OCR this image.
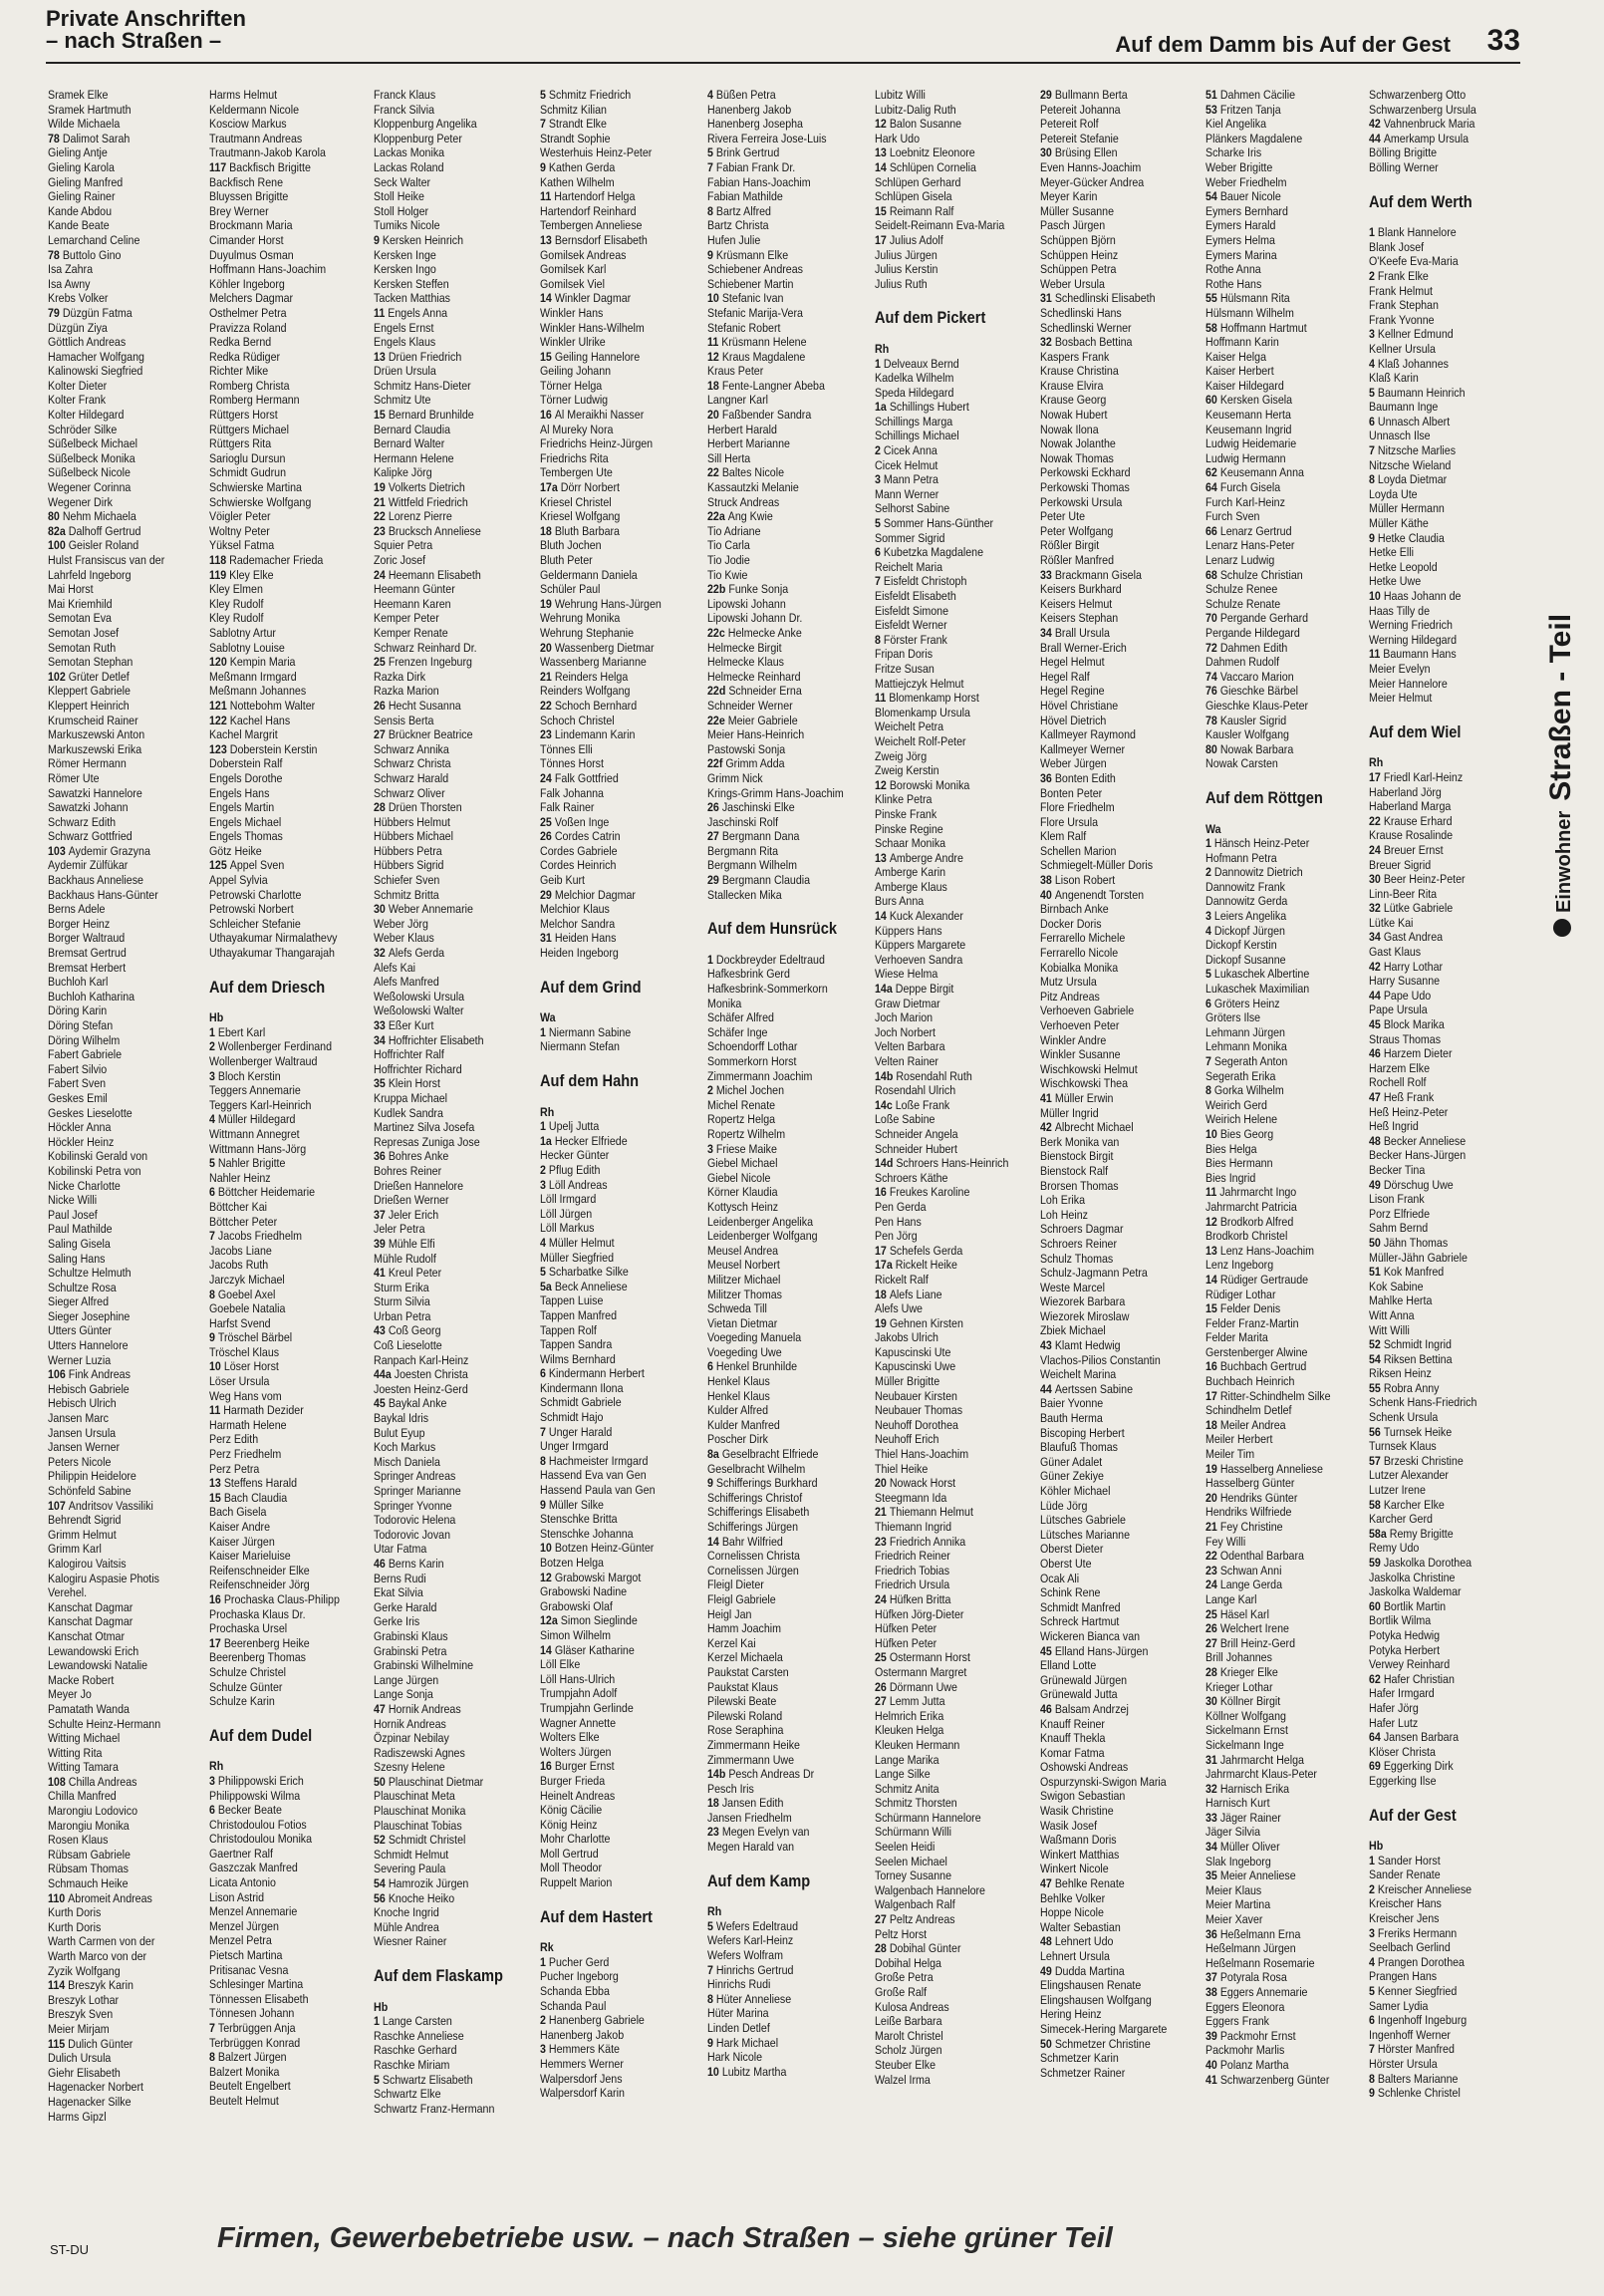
Private Anschriften
– nach Straßen –	Auf dem Damm bis Auf der Gest 33
Sramek Elke
Sramek Hartmuth
Wilde Michaela
78 Dalimot Sarah
Gieling Antje
Gieling Karola
Gieling Manfred
Gieling Rainer
Kande Abdou
Kande Beate
Lemarchand Celine
78 Buttolo Gino
Isa Zahra
Isa Awny
Krebs Volker
79 Düzgün Fatma
Düzgün Ziya
Göttlich Andreas
Hamacher Wolfgang
Kalinowski Siegfried
Kolter Dieter
Kolter Frank
Kolter Hildegard
Schröder Silke
Süßelbeck Michael
Süßelbeck Monika
Süßelbeck Nicole
Wegener Corinna
Wegener Dirk
80 Nehm Michaela
82a Dalhoff Gertrud
100 Geisler Roland
Hulst Fransiscus van der
Lahrfeld Ingeborg
Mai Horst
Mai Kriemhild
Semotan Eva
Semotan Josef
Semotan Ruth
Semotan Stephan
102 Grüter Detlef
Kleppert Gabriele
Kleppert Heinrich
Krumscheid Rainer
Markuszewski Anton
Markuszewski Erika
Römer Hermann
Römer Ute
Sawatzki Hannelore
Sawatzki Johann
Schwarz Edith
Schwarz Gottfried
103 Aydemir Grazyna
Aydemir Zülfükar
Backhaus Anneliese
Backhaus Hans-Günter
Berns Adele
Borger Heinz
Borger Waltraud
Bremsat Gertrud
Bremsat Herbert
Buchloh Karl
Buchloh Katharina
Döring Karin
Döring Stefan
Döring Wilhelm
Fabert Gabriele
Fabert Silvio
Fabert Sven
Geskes Emil
Geskes Lieselotte
Höckler Anna
Höckler Heinz
Kobilinski Gerald von
Kobilinski Petra von
Nicke Charlotte
Nicke Willi
Paul Josef
Paul Mathilde
Saling Gisela
Saling Hans
Schultze Helmuth
Schultze Rosa
Sieger Alfred
Sieger Josephine
Utters Günter
Utters Hannelore
Werner Luzia
106 Fink Andreas
Hebisch Gabriele
Hebisch Ulrich
Jansen Marc
Jansen Ursula
Jansen Werner
Peters Nicole
Philippin Heidelore
Schönfeld Sabine
107 Andritsov Vassiliki
Behrendt Sigrid
Grimm Helmut
Grimm Karl
Kalogirou Vaitsis
Kalogiru Aspasie Photis
Verehel.
Kanschat Dagmar
Kanschat Dagmar
Kanschat Otmar
Lewandowski Erich
Lewandowski Natalie
Macke Robert
Meyer Jo
Pamatath Wanda
Schulte Heinz-Hermann
Witting Michael
Witting Rita
Witting Tamara
108 Chilla Andreas
Chilla Manfred
Marongiu Lodovico
Marongiu Monika
Rosen Klaus
Rübsam Gabriele
Rübsam Thomas
Schmauch Heike
110 Abromeit Andreas
Kurth Doris
Kurth Doris
Warth Carmen von der
Warth Marco von der
Zyzik Wolfgang
114 Breszyk Karin
Breszyk Lothar
Breszyk Sven
Meier Mirjam
115 Dulich Günter
Dulich Ursula
Giehr Elisabeth
Hagenacker Norbert
Hagenacker Silke
Harms Gipzl
Harms Helmut
Keldermann Nicole
Kosciow Markus
Trautmann Andreas
Trautmann-Jakob Karola
117 Backfisch Brigitte
Backfisch Rene
Bluyssen Brigitte
Brey Werner
Brockmann Maria
Cimander Horst
Duyulmus Osman
Hoffmann Hans-Joachim
Köhler Ingeborg
Melchers Dagmar
Osthelmer Petra
Pravizza Roland
Redka Bernd
Redka Rüdiger
Richter Mike
Romberg Christa
Romberg Hermann
Rüttgers Horst
Rüttgers Michael
Rüttgers Rita
Sarioglu Dursun
Schmidt Gudrun
Schwierske Martina
Schwierske Wolfgang
Vöigler Peter
Woltny Peter
Yüksel Fatma
118 Rademacher Frieda
119 Kley Elke
Kley Elmen
Kley Rudolf
Kley Rudolf
Sablotny Artur
Sablotny Louise
120 Kempin Maria
Meßmann Irmgard
Meßmann Johannes
121 Nottebohm Walter
122 Kachel Hans
Kachel Margrit
123 Doberstein Kerstin
Doberstein Ralf
Engels Dorothe
Engels Hans
Engels Martin
Engels Michael
Engels Thomas
Götz Heike
125 Appel Sven
Appel Sylvia
Petrowski Charlotte
Petrowski Norbert
Schleicher Stefanie
Uthayakumar Nirmalathevy
Uthayakumar Thangarajah
Auf dem Driesch
Hb
1 Ebert Karl
2 Wollenberger Ferdinand
Wollenberger Waltraud
3 Bloch Kerstin
Teggers Annemarie
Teggers Karl-Heinrich
4 Müller Hildegard
Wittmann Annegret
Wittmann Hans-Jörg
5 Nahler Brigitte
Nahler Heinz
6 Böttcher Heidemarie
Böttcher Kai
Böttcher Peter
7 Jacobs Friedhelm
Jacobs Liane
Jacobs Ruth
Jarczyk Michael
8 Goebel Axel
Goebele Natalia
Harfst Svend
9 Tröschel Bärbel
Tröschel Klaus
10 Löser Horst
Löser Ursula
Weg Hans vom
11 Harmath Dezider
Harmath Helene
Perz Edith
Perz Friedhelm
Perz Petra
13 Steffens Harald
15 Bach Claudia
Bach Gisela
Kaiser Andre
Kaiser Jürgen
Kaiser Marieluise
Reifenschneider Elke
Reifenschneider Jörg
16 Prochaska Claus-Philipp
Prochaska Klaus Dr.
Prochaska Ursel
17 Beerenberg Heike
Beerenberg Thomas
Schulze Christel
Schulze Günter
Schulze Karin
Auf dem Dudel
Rh
3 Philippowski Erich
Philippowski Wilma
6 Becker Beate
Christodoulou Fotios
Christodoulou Monika
Gaertner Ralf
Gaszczak Manfred
Licata Antonio
Lison Astrid
Menzel Annemarie
Menzel Jürgen
Menzel Petra
Pietsch Martina
Pritisanac Vesna
Schlesinger Martina
Tönnessen Elisabeth
Tönnesen Johann
7 Terbrüggen Anja
Terbrüggen Konrad
8 Balzert Jürgen
Balzert Monika
Beutelt Engelbert
Beutelt Helmut
Franck Klaus
Franck Silvia
Kloppenburg Angelika
Kloppenburg Peter
Lackas Monika
Lackas Roland
Seck Walter
Stoll Heike
Stoll Holger
Tumiks Nicole
9 Kersken Heinrich
Kersken Inge
Kersken Ingo
Kersken Steffen
Tacken Matthias
11 Engels Anna
Engels Ernst
Engels Klaus
13 Drüen Friedrich
Drüen Ursula
Schmitz Hans-Dieter
Schmitz Ute
15 Bernard Brunhilde
Bernard Claudia
Bernard Walter
Hermann Helene
Kalipke Jörg
19 Volkerts Dietrich
21 Wittfeld Friedrich
22 Lorenz Pierre
23 Brucksch Anneliese
Squier Petra
Zoric Josef
24 Heemann Elisabeth
Heemann Günter
Heemann Karen
Kemper Peter
Kemper Renate
Schwarz Reinhard Dr.
25 Frenzen Ingeburg
Razka Dirk
Razka Marion
26 Hecht Susanna
Sensis Berta
27 Brückner Beatrice
Schwarz Annika
Schwarz Christa
Schwarz Harald
Schwarz Oliver
28 Drüen Thorsten
Hübbers Helmut
Hübbers Michael
Hübbers Petra
Hübbers Sigrid
Schiefer Sven
Schmitz Britta
30 Weber Annemarie
Weber Jörg
Weber Klaus
32 Alefs Gerda
Alefs Kai
Alefs Manfred
Weßolowski Ursula
Weßolowski Walter
33 Eßer Kurt
34 Hoffrichter Elisabeth
Hoffrichter Ralf
Hoffrichter Richard
35 Klein Horst
Kruppa Michael
Kudlek Sandra
Martinez Silva Josefa
Represas Zuniga Jose
36 Bohres Anke
Bohres Reiner
Drießen Hannelore
Drießen Werner
37 Jeler Erich
Jeler Petra
39 Mühle Elfi
Mühle Rudolf
41 Kreul Peter
Sturm Erika
Sturm Silvia
Urban Petra
43 Coß Georg
Coß Lieselotte
Ranpach Karl-Heinz
44a Joesten Christa
Joesten Heinz-Gerd
45 Baykal Anke
Baykal Idris
Bulut Eyup
Koch Markus
Misch Daniela
Springer Andreas
Springer Marianne
Springer Yvonne
Todorovic Helena
Todorovic Jovan
Utar Fatma
46 Berns Karin
Berns Rudi
Ekat Silvia
Gerke Harald
Gerke Iris
Grabinski Klaus
Grabinski Petra
Grabinski Wilhelmine
Lange Jürgen
Lange Sonja
47 Hornik Andreas
Hornik Andreas
Özpinar Nebilay
Radiszewski Agnes
Szesny Helene
50 Plauschinat Dietmar
Plauschinat Meta
Plauschinat Monika
Plauschinat Tobias
52 Schmidt Christel
Schmidt Helmut
Severing Paula
54 Hamrozik Jürgen
56 Knoche Heiko
Knoche Ingrid
Mühle Andrea
Wiesner Rainer
Auf dem Flaskamp
Hb
1 Lange Carsten
Raschke Anneliese
Raschke Gerhard
Raschke Miriam
5 Schwartz Elisabeth
Schwartz Elke
Schwartz Franz-Hermann
5 Schmitz Friedrich
Schmitz Kilian
7 Strandt Elke
Strandt Sophie
Westerhuis Heinz-Peter
9 Kathen Gerda
Kathen Wilhelm
11 Hartendorf Helga
Hartendorf Reinhard
Tembergen Anneliese
13 Bernsdorf Elisabeth
Gomilsek Andreas
Gomilsek Karl
Gomilsek Viel
14 Winkler Dagmar
Winkler Hans
Winkler Hans-Wilhelm
Winkler Ulrike
15 Geiling Hannelore
Geiling Johann
Törner Helga
Törner Ludwig
16 Al Meraikhi Nasser
Al Mureky Nora
Friedrichs Heinz-Jürgen
Friedrichs Rita
Tembergen Ute
17a Dörr Norbert
Kriesel Christel
Kriesel Wolfgang
18 Bluth Barbara
Bluth Jochen
Bluth Peter
Geldermann Daniela
Schüler Paul
19 Wehrung Hans-Jürgen
Wehrung Monika
Wehrung Stephanie
20 Wassenberg Dietmar
Wassenberg Marianne
21 Reinders Helga
Reinders Wolfgang
22 Schoch Bernhard
Schoch Christel
23 Lindemann Karin
Tönnes Elli
Tönnes Horst
24 Falk Gottfried
Falk Johanna
Falk Rainer
25 Voßen Inge
26 Cordes Catrin
Cordes Gabriele
Cordes Heinrich
Geib Kurt
29 Melchior Dagmar
Melchior Klaus
Melchor Sandra
31 Heiden Hans
Heiden Ingeborg
Auf dem Grind
Wa
1 Niermann Sabine
Niermann Stefan
Auf dem Hahn
Rh
1 Upelj Jutta
1a Hecker Elfriede
Hecker Günter
2 Pflug Edith
3 Löll Andreas
Löll Irmgard
Löll Jürgen
Löll Markus
4 Müller Helmut
Müller Siegfried
5 Scharbatke Silke
5a Beck Anneliese
Tappen Luise
Tappen Manfred
Tappen Rolf
Tappen Sandra
Wilms Bernhard
6 Kindermann Herbert
Kindermann Ilona
Schmidt Gabriele
Schmidt Hajo
7 Unger Harald
Unger Irmgard
8 Hachmeister Irmgard
Hassend Eva van Gen
Hassend Paula van Gen
9 Müller Silke
Stenschke Britta
Stenschke Johanna
10 Botzen Heinz-Günter
Botzen Helga
12 Grabowski Margot
Grabowski Nadine
Grabowski Olaf
12a Simon Sieglinde
Simon Wilhelm
14 Gläser Katharine
Löll Elke
Löll Hans-Ulrich
Trumpjahn Adolf
Trumpjahn Gerlinde
Wagner Annette
Wolters Elke
Wolters Jürgen
16 Burger Ernst
Burger Frieda
Heinelt Andreas
König Cäcilie
König Heinz
Mohr Charlotte
Moll Gertrud
Moll Theodor
Ruppelt Marion
Auf dem Hastert
Rk
1 Pucher Gerd
Pucher Ingeborg
Schanda Ebba
Schanda Paul
2 Hanenberg Gabriele
Hanenberg Jakob
3 Hemmers Käte
Hemmers Werner
Walpersdorf Jens
Walpersdorf Karin
4 Büßen Petra
Hanenberg Jakob
Hanenberg Josepha
Rivera Ferreira Jose-Luis
5 Brink Gertrud
7 Fabian Frank Dr.
Fabian Hans-Joachim
Fabian Mathilde
8 Bartz Alfred
Bartz Christa
Hufen Julie
9 Krüsmann Elke
Schiebener Andreas
Schiebener Martin
10 Stefanic Ivan
Stefanic Marija-Vera
Stefanic Robert
11 Krüsmann Helene
12 Kraus Magdalene
Kraus Peter
18 Fente-Langner Abeba
Langner Karl
20 Faßbender Sandra
Herbert Harald
Herbert Marianne
Sill Herta
22 Baltes Nicole
Kassautzki Melanie
Struck Andreas
22a Ang Kwie
Tio Adriane
Tio Carla
Tio Jodie
Tio Kwie
22b Funke Sonja
Lipowski Johann
Lipowski Johann Dr.
22c Helmecke Anke
Helmecke Birgit
Helmecke Klaus
Helmecke Reinhard
22d Schneider Erna
Schneider Werner
22e Meier Gabriele
Meier Hans-Heinrich
Pastowski Sonja
22f Grimm Adda
Grimm Nick
Krings-Grimm Hans-Joachim
26 Jaschinski Elke
Jaschinski Rolf
27 Bergmann Dana
Bergmann Rita
Bergmann Wilhelm
29 Bergmann Claudia
Stallecken Mika
Auf dem Hunsrück
1 Dockbreyder Edeltraud
Hafkesbrink Gerd
Hafkesbrink-Sommerkorn
Monika
Schäfer Alfred
Schäfer Inge
Schoendorff Lothar
Sommerkorn Horst
Zimmermann Joachim
2 Michel Jochen
Michel Renate
Ropertz Helga
Ropertz Wilhelm
3 Friese Maike
Giebel Michael
Giebel Nicole
Körner Klaudia
Kottysch Heinz
Leidenberger Angelika
Leidenberger Wolfgang
Meusel Andrea
Meusel Norbert
Militzer Michael
Militzer Thomas
Schweda Till
Vietan Dietmar
Voegeding Manuela
Voegeding Uwe
6 Henkel Brunhilde
Henkel Klaus
Henkel Klaus
Kulder Alfred
Kulder Manfred
Poscher Dirk
8a Geselbracht Elfriede
Geselbracht Wilhelm
9 Schifferings Burkhard
Schifferings Christof
Schifferings Elisabeth
Schifferings Jürgen
14 Bahr Wilfried
Cornelissen Christa
Cornelissen Jürgen
Fleigl Dieter
Fleigl Gabriele
Heigl Jan
Hamm Joachim
Kerzel Kai
Kerzel Michaela
Paukstat Carsten
Paukstat Klaus
Pilewski Beate
Pilewski Roland
Rose Seraphina
Zimmermann Heike
Zimmermann Uwe
14b Pesch Andreas Dr
Pesch Iris
18 Jansen Edith
Jansen Friedhelm
23 Megen Evelyn van
Megen Harald van
Auf dem Kamp
Rh
5 Wefers Edeltraud
Wefers Karl-Heinz
Wefers Wolfram
7 Hinrichs Gertrud
Hinrichs Rudi
8 Hüter Anneliese
Hüter Marina
Linden Detlef
9 Hark Michael
Hark Nicole
10 Lubitz Martha
Lubitz Willi
Lubitz-Dalig Ruth
12 Balon Susanne
Hark Udo
13 Loebnitz Eleonore
14 Schlüpen Cornelia
Schlüpen Gerhard
Schlüpen Gisela
15 Reimann Ralf
Seidelt-Reimann Eva-Maria
17 Julius Adolf
Julius Jürgen
Julius Kerstin
Julius Ruth
Auf dem Pickert
Rh
1 Delveaux Bernd
Kadelka Wilhelm
Speda Hildegard
1a Schillings Hubert
Schillings Marga
Schillings Michael
2 Cicek Anna
Cicek Helmut
3 Mann Petra
Mann Werner
Selhorst Sabine
5 Sommer Hans-Günther
Sommer Sigrid
6 Kubetzka Magdalene
Reichelt Maria
7 Eisfeldt Christoph
Eisfeldt Elisabeth
Eisfeldt Simone
Eisfeldt Werner
8 Förster Frank
Fripan Doris
Fritze Susan
Mattiejczyk Helmut
11 Blomenkamp Horst
Blomenkamp Ursula
Weichelt Petra
Weichelt Rolf-Peter
Zweig Jörg
Zweig Kerstin
12 Borowski Monika
Klinke Petra
Pinske Frank
Pinske Regine
Schaar Monika
13 Amberge Andre
Amberge Karin
Amberge Klaus
Burs Anna
14 Kuck Alexander
Küppers Hans
Küppers Margarete
Verhoeven Sandra
Wiese Helma
14a Deppe Birgit
Graw Dietmar
Joch Marion
Joch Norbert
Velten Barbara
Velten Rainer
14b Rosendahl Ruth
Rosendahl Ulrich
14c Loße Frank
Loße Sabine
Schneider Angela
Schneider Hubert
14d Schroers Hans-Heinrich
Schroers Käthe
16 Freukes Karoline
Pen Gerda
Pen Hans
Pen Jörg
17 Schefels Gerda
17a Rickelt Heike
Rickelt Ralf
18 Alefs Liane
Alefs Uwe
19 Gehnen Kirsten
Jakobs Ulrich
Kapuscinski Ute
Kapuscinski Uwe
Müller Brigitte
Neubauer Kirsten
Neubauer Thomas
Neuhoff Dorothea
Neuhoff Erich
Thiel Hans-Joachim
Thiel Heike
20 Nowack Horst
Steegmann Ida
21 Thiemann Helmut
Thiemann Ingrid
23 Friedrich Annika
Friedrich Reiner
Friedrich Tobias
Friedrich Ursula
24 Hüfken Britta
Hüfken Jörg-Dieter
Hüfken Peter
Hüfken Peter
25 Ostermann Horst
Ostermann Margret
26 Dörmann Uwe
27 Lemm Jutta
Helmrich Erika
Kleuken Helga
Kleuken Hermann
Lange Marika
Lange Silke
Schmitz Anita
Schmitz Thorsten
Schürmann Hannelore
Schürmann Willi
Seelen Heidi
Seelen Michael
Torney Susanne
Walgenbach Hannelore
Walgenbach Ralf
27 Peltz Andreas
Peltz Horst
28 Dobihal Günter
Dobihal Helga
Große Petra
Große Ralf
Kulosa Andreas
Leiße Barbara
Marolt Christel
Scholz Jürgen
Steuber Elke
Walzel Irma
29 Bullmann Berta
Petereit Johanna
Petereit Rolf
Petereit Stefanie
30 Brüsing Ellen
Even Hanns-Joachim
Meyer-Gücker Andrea
Meyer Karin
Müller Susanne
Pasch Jürgen
Schüppen Björn
Schüppen Heinz
Schüppen Petra
Weber Ursula
31 Schedlinski Elisabeth
Schedlinski Hans
Schedlinski Werner
32 Bosbach Bettina
Kaspers Frank
Krause Christina
Krause Elvira
Krause Georg
Nowak Hubert
Nowak Ilona
Nowak Jolanthe
Nowak Thomas
Perkowski Eckhard
Perkowski Thomas
Perkowski Ursula
Peter Ute
Peter Wolfgang
Rößler Birgit
Rößler Manfred
33 Brackmann Gisela
Keisers Burkhard
Keisers Helmut
Keisers Stephan
34 Brall Ursula
Brall Werner-Erich
Hegel Helmut
Hegel Ralf
Hegel Regine
Hövel Christiane
Hövel Dietrich
Kallmeyer Raymond
Kallmeyer Werner
Weber Jürgen
36 Bonten Edith
Bonten Peter
Flore Friedhelm
Flore Ursula
Klem Ralf
Schellen Marion
Schmiegelt-Müller Doris
38 Lison Robert
40 Angenendt Torsten
Birnbach Anke
Docker Doris
Ferrarello Michele
Ferrarello Nicole
Kobialka Monika
Mutz Ursula
Pitz Andreas
Verhoeven Gabriele
Verhoeven Peter
Winkler Andre
Winkler Susanne
Wischkowski Helmut
Wischkowski Thea
41 Müller Erwin
Müller Ingrid
42 Albrecht Michael
Berk Monika van
Bienstock Birgit
Bienstock Ralf
Brorsen Thomas
Loh Erika
Loh Heinz
Schroers Dagmar
Schroers Reiner
Schulz Thomas
Schulz-Jagmann Petra
Weste Marcel
Wiezorek Barbara
Wiezorek Miroslaw
Zbiek Michael
43 Klamt Hedwig
Vlachos-Pilios Constantin
Weichelt Marina
44 Aertssen Sabine
Baier Yvonne
Bauth Herma
Biscoping Herbert
Blaufuß Thomas
Güner Adalet
Güner Zekiye
Köhler Michael
Lüde Jörg
Lütsches Gabriele
Lütsches Marianne
Oberst Dieter
Oberst Ute
Ocak Ali
Schink Rene
Schmidt Manfred
Schreck Hartmut
Wickeren Bianca van
45 Elland Hans-Jürgen
Elland Lotte
Grünewald Jürgen
Grünewald Jutta
46 Balsam Andrzej
Knauff Reiner
Knauff Thekla
Komar Fatma
Oshowski Andreas
Ospurzynski-Swigon Maria
Swigon Sebastian
Wasik Christine
Wasik Josef
Waßmann Doris
Winkert Matthias
Winkert Nicole
47 Behlke Renate
Behlke Volker
Hoppe Nicole
Walter Sebastian
48 Lehnert Udo
Lehnert Ursula
49 Dudda Martina
Elingshausen Renate
Elingshausen Wolfgang
Hering Heinz
Simecek-Hering Margarete
50 Schmetzer Christine
Schmetzer Karin
Schmetzer Rainer
51 Dahmen Cäcilie
53 Fritzen Tanja
Kiel Angelika
Plänkers Magdalene
Scharke Iris
Weber Brigitte
Weber Friedhelm
54 Bauer Nicole
Eymers Bernhard
Eymers Harald
Eymers Helma
Eymers Marina
Rothe Anna
Rothe Hans
55 Hülsmann Rita
Hülsmann Wilhelm
58 Hoffmann Hartmut
Hoffmann Karin
Kaiser Helga
Kaiser Herbert
Kaiser Hildegard
60 Kersken Gisela
Keusemann Herta
Keusemann Ingrid
Ludwig Heidemarie
Ludwig Hermann
62 Keusemann Anna
64 Furch Gisela
Furch Karl-Heinz
Furch Sven
66 Lenarz Gertrud
Lenarz Hans-Peter
Lenarz Ludwig
68 Schulze Christian
Schulze Renee
Schulze Renate
70 Pergande Gerhard
Pergande Hildegard
72 Dahmen Edith
Dahmen Rudolf
74 Vaccaro Marion
76 Gieschke Bärbel
Gieschke Klaus-Peter
78 Kausler Sigrid
Kausler Wolfgang
80 Nowak Barbara
Nowak Carsten
Auf dem Röttgen
Wa
1 Hänsch Heinz-Peter
Hofmann Petra
2 Dannowitz Dietrich
Dannowitz Frank
Dannowitz Gerda
3 Leiers Angelika
4 Dickopf Jürgen
Dickopf Kerstin
Dickopf Susanne
5 Lukaschek Albertine
Lukaschek Maximilian
6 Gröters Heinz
Gröters Ilse
Lehmann Jürgen
Lehmann Monika
7 Segerath Anton
Segerath Erika
8 Gorka Wilhelm
Weirich Gerd
Weirich Helene
10 Bies Georg
Bies Helga
Bies Hermann
Bies Ingrid
11 Jahrmarcht Ingo
Jahrmarcht Patricia
12 Brodkorb Alfred
Brodkorb Christel
13 Lenz Hans-Joachim
Lenz Ingeborg
14 Rüdiger Gertraude
Rüdiger Lothar
15 Felder Denis
Felder Franz-Martin
Felder Marita
Gerstenberger Alwine
16 Buchbach Gertrud
Buchbach Heinrich
17 Ritter-Schindhelm Silke
Schindhelm Detlef
18 Meiler Andrea
Meiler Herbert
Meiler Tim
19 Hasselberg Anneliese
Hasselberg Günter
20 Hendriks Günter
Hendriks Wilfriede
21 Fey Christine
Fey Willi
22 Odenthal Barbara
23 Schwan Anni
24 Lange Gerda
Lange Karl
25 Häsel Karl
26 Welchert Irene
27 Brill Heinz-Gerd
Brill Johannes
28 Krieger Elke
Krieger Lothar
30 Köllner Birgit
Köllner Wolfgang
Sickelmann Ernst
Sickelmann Inge
31 Jahrmarcht Helga
Jahrmarcht Klaus-Peter
32 Harnisch Erika
Harnisch Kurt
33 Jäger Rainer
Jäger Silvia
34 Müller Oliver
Slak Ingeborg
35 Meier Anneliese
Meier Klaus
Meier Martina
Meier Xaver
36 Heßelmann Erna
Heßelmann Jürgen
Heßelmann Rosemarie
37 Potyrala Rosa
38 Eggers Annemarie
Eggers Eleonora
Eggers Frank
39 Packmohr Ernst
Packmohr Marlis
40 Polanz Martha
41 Schwarzenberg Günter
Schwarzenberg Otto
Schwarzenberg Ursula
42 Vahnenbruck Maria
44 Amerkamp Ursula
Bölling Brigitte
Bölling Werner
Auf dem Werth
1 Blank Hannelore
Blank Josef
O'Keefe Eva-Maria
2 Frank Elke
Frank Helmut
Frank Stephan
Frank Yvonne
3 Kellner Edmund
Kellner Ursula
4 Klaß Johannes
Klaß Karin
5 Baumann Heinrich
Baumann Inge
6 Unnasch Albert
Unnasch Ilse
7 Nitzsche Marlies
Nitzsche Wieland
8 Loyda Dietmar
Loyda Ute
Müller Hermann
Müller Käthe
9 Hetke Claudia
Hetke Elli
Hetke Leopold
Hetke Uwe
10 Haas Johann de
Haas Tilly de
Werning Friedrich
Werning Hildegard
11 Baumann Hans
Meier Evelyn
Meier Hannelore
Meier Helmut
Auf dem Wiel
Rh
17 Friedl Karl-Heinz
Haberland Jörg
Haberland Marga
22 Krause Erhard
Krause Rosalinde
24 Breuer Ernst
Breuer Sigrid
30 Beer Heinz-Peter
Linn-Beer Rita
32 Lütke Gabriele
Lütke Kai
34 Gast Andrea
Gast Klaus
42 Harry Lothar
Harry Susanne
44 Pape Udo
Pape Ursula
45 Block Marika
Straus Thomas
46 Harzem Dieter
Harzem Elke
Rochell Rolf
47 Heß Frank
Heß Heinz-Peter
Heß Ingrid
48 Becker Anneliese
Becker Hans-Jürgen
Becker Tina
49 Dörschug Uwe
Lison Frank
Porz Elfriede
Sahm Bernd
50 Jähn Thomas
Müller-Jähn Gabriele
51 Kok Manfred
Kok Sabine
Mahlke Herta
Witt Anna
Witt Willi
52 Schmidt Ingrid
54 Riksen Bettina
Riksen Heinz
55 Robra Anny
Schenk Hans-Friedrich
Schenk Ursula
56 Turnsek Heike
Turnsek Klaus
57 Brzeski Christine
Lutzer Alexander
Lutzer Irene
58 Karcher Elke
Karcher Gerd
58a Remy Brigitte
Remy Udo
59 Jaskolka Dorothea
Jaskolka Christine
Jaskolka Waldemar
60 Bortlik Martin
Bortlik Wilma
Potyka Hedwig
Potyka Herbert
Verwey Reinhard
62 Hafer Christian
Hafer Irmgard
Hafer Jörg
Hafer Lutz
64 Jansen Barbara
Klöser Christa
69 Eggerking Dirk
Eggerking Ilse
Auf der Gest
Hb
1 Sander Horst
Sander Renate
2 Kreischer Anneliese
Kreischer Hans
Kreischer Jens
3 Freriks Hermann
Seelbach Gerlind
4 Prangen Dorothea
Prangen Hans
5 Kenner Siegfried
Samer Lydia
6 Ingenhoff Ingeburg
Ingenhoff Werner
7 Hörster Manfred
Hörster Ursula
8 Balters Marianne
9 Schlenke Christel
EinwohnerStraßen - Teil
ST-DU	Firmen, Gewerbebetriebe usw. – nach Straßen – siehe grüner Teil
